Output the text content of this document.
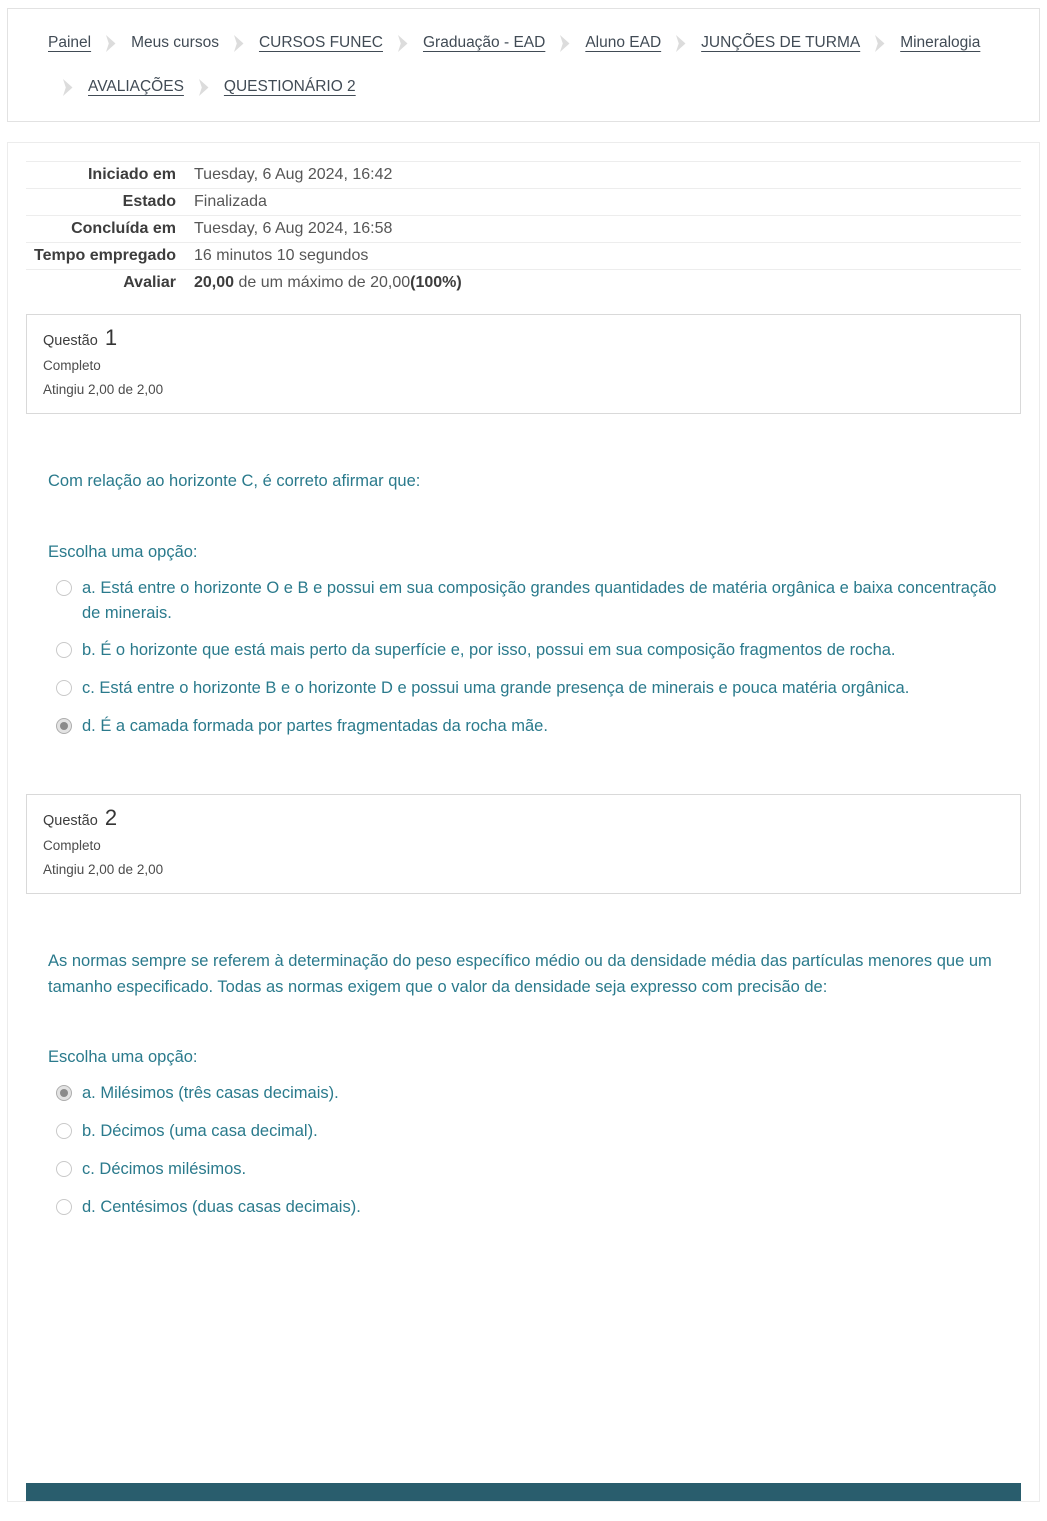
Painel	Meus cursos	CURSOS FUNEC	Graduação - EAD	Aluno EAD	JUNÇÕES DE TURMA	Mineralogia
AVALIAÇÕES	QUESTIONÁRIO 2
Iniciado em	Tuesday, 6 Aug 2024, 16:42
Estado	Finalizada
Concluída em	Tuesday, 6 Aug 2024, 16:58
Tempo empregado	16 minutos 10 segundos
Avaliar	20,00 de um máximo de 20,00(100%)
Questão 1
Completo
Atingiu 2,00 de 2,00

Com relação ao horizonte C, é correto afirmar que:

Escolha uma opção:

a. Está entre o horizonte O e B e possui em sua composição grandes quantidades de matéria orgânica e baixa concentração de minerais.
b. É o horizonte que está mais perto da superfície e, por isso, possui em sua composição fragmentos de rocha.
c. Está entre o horizonte B e o horizonte D e possui uma grande presença de minerais e pouca matéria orgânica.
d. É a camada formada por partes fragmentadas da rocha mãe.
Questão 2
Completo
Atingiu 2,00 de 2,00

As normas sempre se referem à determinação do peso específico médio ou da densidade média das partículas menores que um tamanho especificado. Todas as normas exigem que o valor da densidade seja expresso com precisão de:

Escolha uma opção:

a. Milésimos (três casas decimais).
b. Décimos (uma casa decimal).
c. Décimos milésimos.
d. Centésimos (duas casas decimais).
